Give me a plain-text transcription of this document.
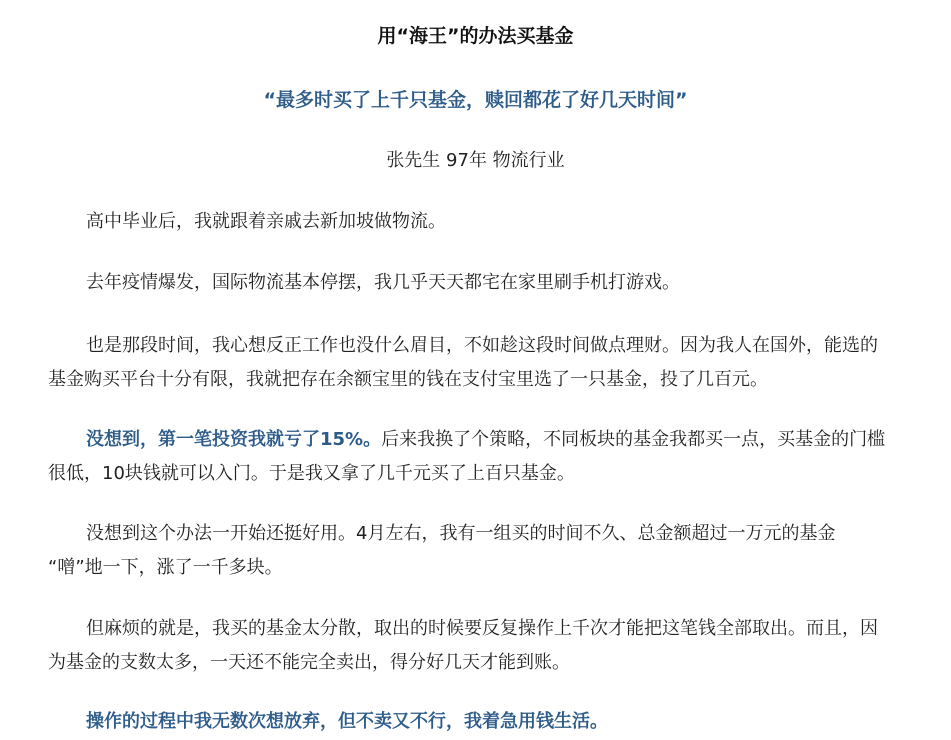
用“海王”的办法买基金
“最多时买了上千只基金，赎回都花了好几天时间”
张先生 97年 物流行业
高中毕业后，我就跟着亲戚去新加坡做物流。
去年疫情爆发，国际物流基本停摆，我几乎天天都宅在家里刷手机打游戏。
也是那段时间，我心想反正工作也没什么眉目，不如趁这段时间做点理财。因为我人在国外，能选的
基金购买平台十分有限，我就把存在余额宝里的钱在支付宝里选了一只基金，投了几百元。
没想到，第一笔投资我就亏了15%。后来我换了个策略，不同板块的基金我都买一点，买基金的门槛
很低，10块钱就可以入门。于是我又拿了几千元买了上百只基金。
没想到这个办法一开始还挺好用。4月左右，我有一组买的时间不久、总金额超过一万元的基金
“噌”地一下，涨了一千多块。
但麻烦的就是，我买的基金太分散，取出的时候要反复操作上千次才能把这笔钱全部取出。而且，因
为基金的支数太多，一天还不能完全卖出，得分好几天才能到账。
操作的过程中我无数次想放弃，但不卖又不行，我着急用钱生活。
